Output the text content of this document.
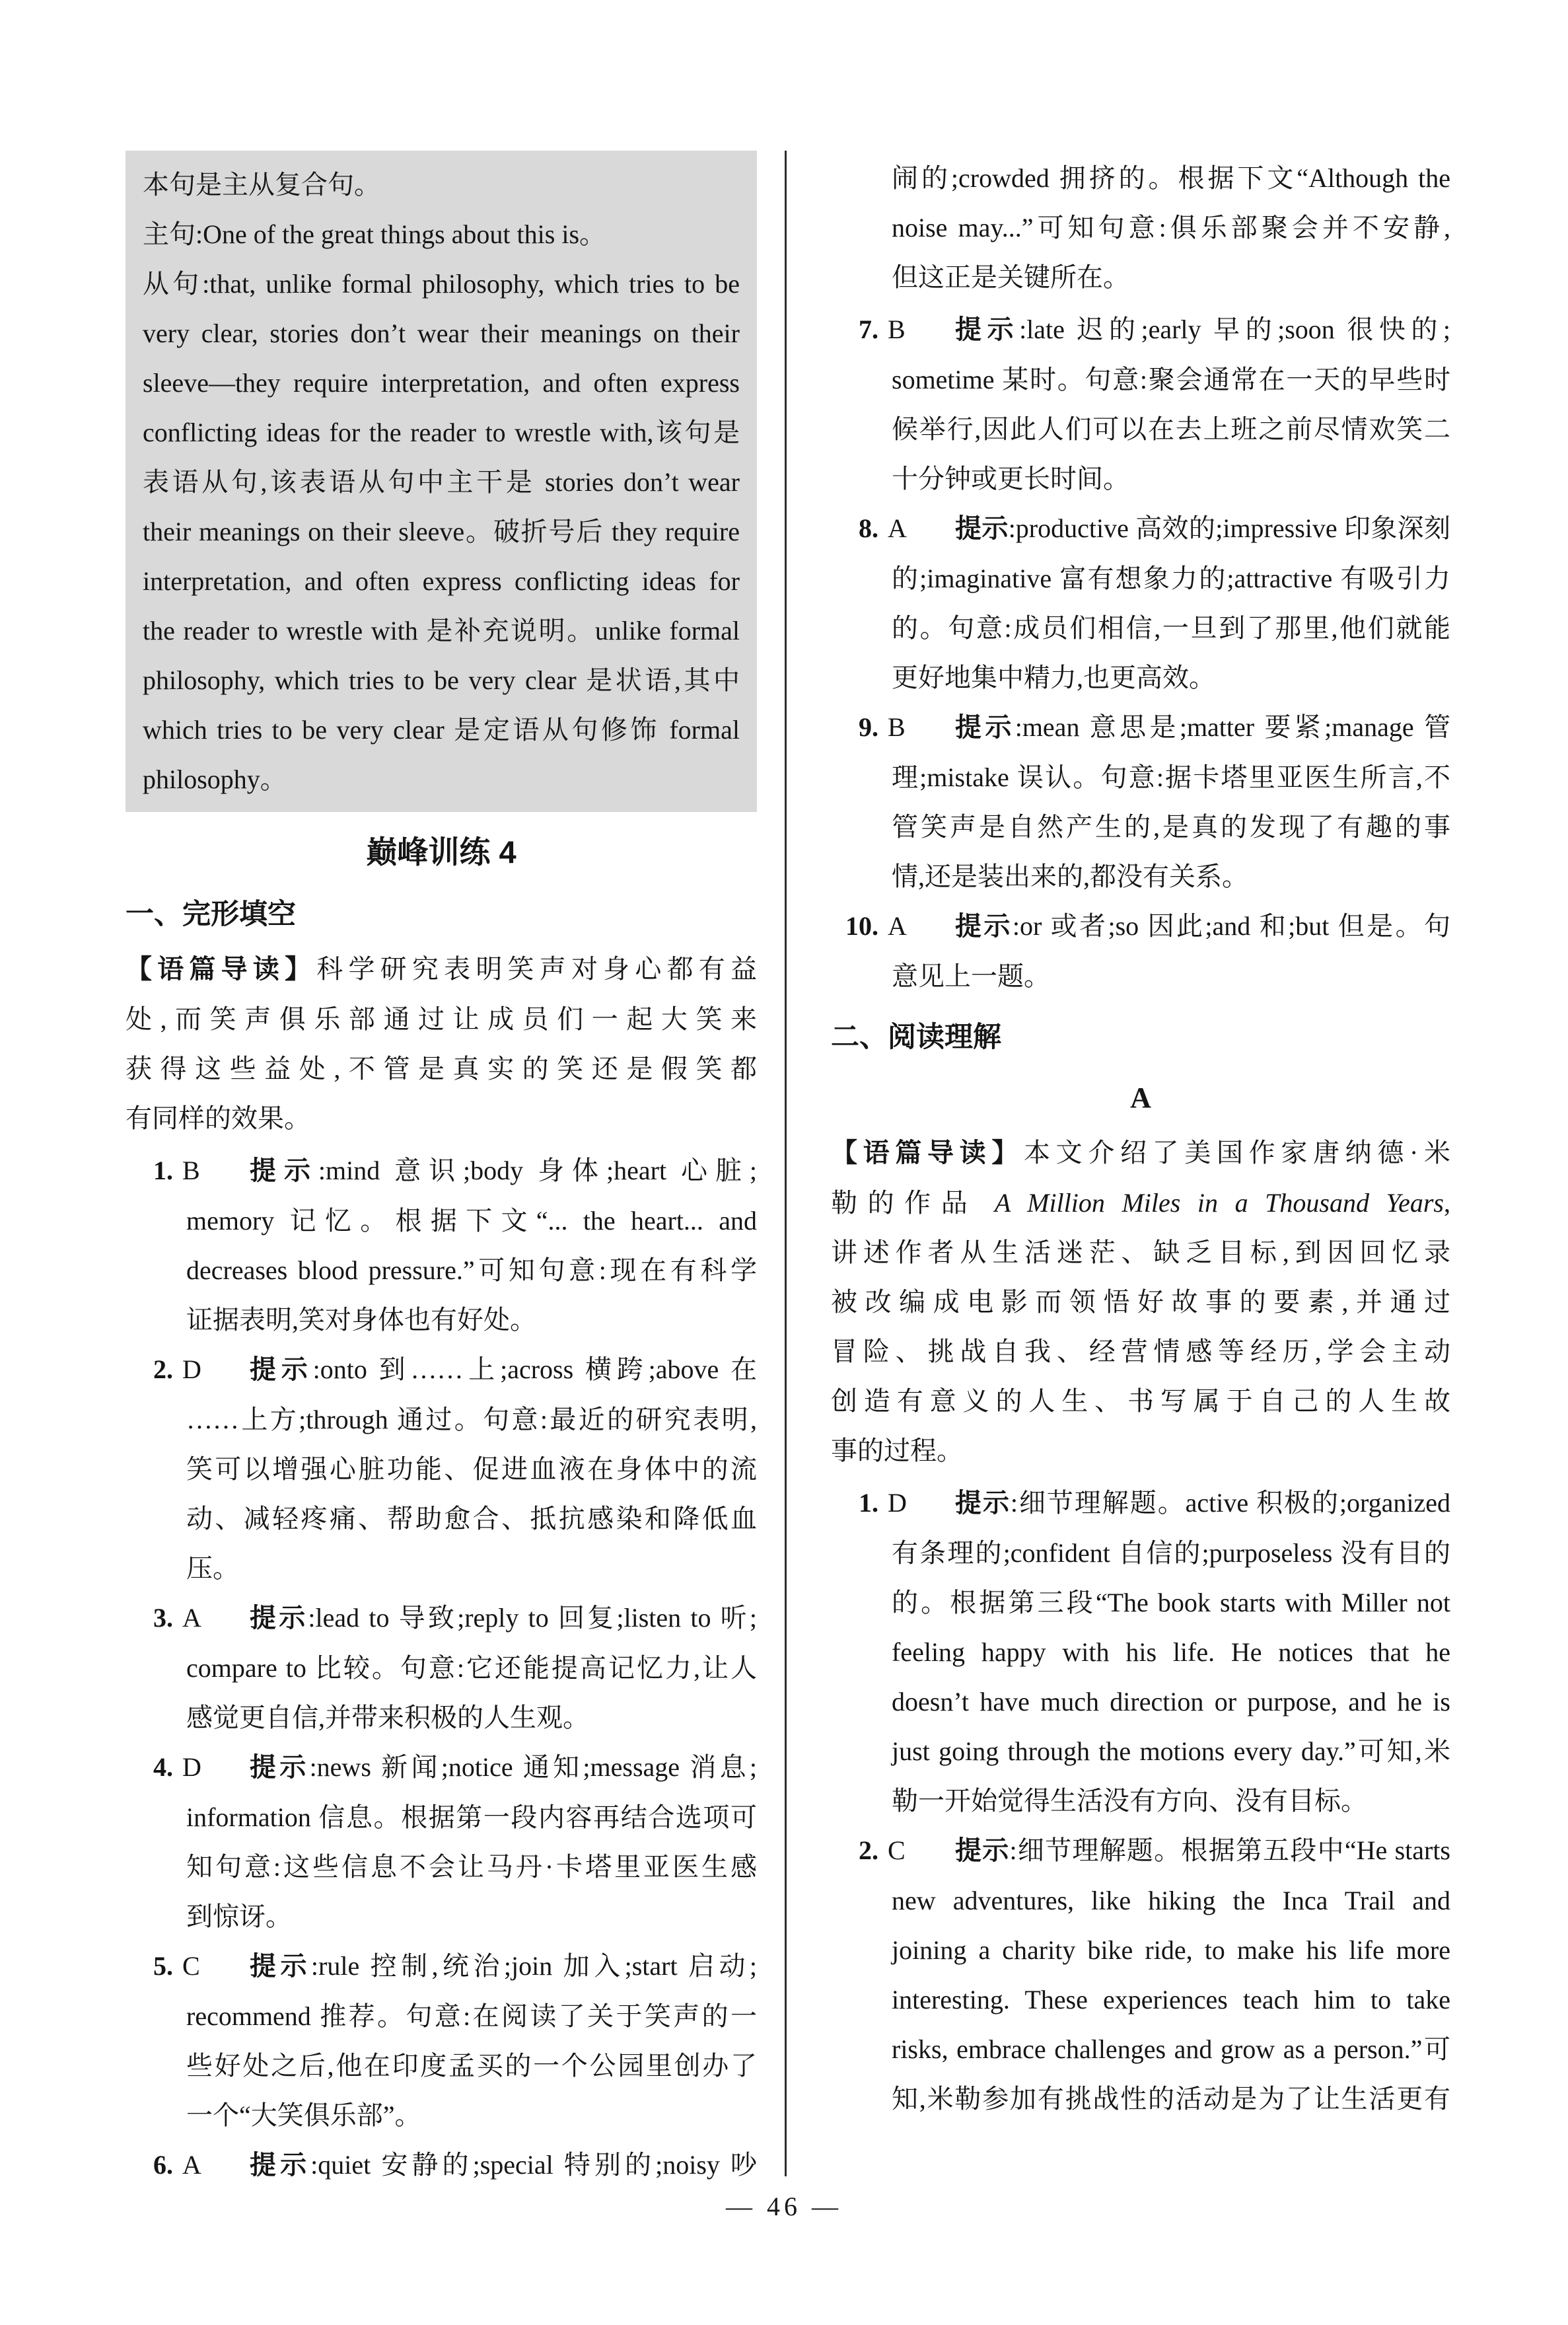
本句是主从复合句。
主句:One of the great things about this is。
从句:that, unlike formal philosophy, which tries to be
very clear, stories don’t wear their meanings on their
sleeve—they require interpretation, and often express
conflicting ideas for the reader to wrestle with,该句是
表语从句,该表语从句中主干是 stories don’t wear
their meanings on their sleeve。破折号后 they require
interpretation, and often express conflicting ideas for
the reader to wrestle with 是补充说明。unlike formal
philosophy, which tries to be very clear 是状语,其中
which tries to be very clear 是定语从句修饰 formal
philosophy。
巅峰训练 4
一、完形填空
【语篇导读】科学研究表明笑声对身心都有益
处,而笑声俱乐部通过让成员们一起大笑来
获得这些益处,不管是真实的笑还是假笑都
有同样的效果。
1. B	提示:mind 意识;body 身体;heart 心脏;
memory 记忆。根据下文“... the heart... and
decreases blood pressure.”可知句意:现在有科学
证据表明,笑对身体也有好处。
2. D	提示:onto 到……上;across 横跨;above 在
……上方;through 通过。句意:最近的研究表明,
笑可以增强心脏功能、促进血液在身体中的流
动、减轻疼痛、帮助愈合、抵抗感染和降低血压。
3. A	提示:lead to 导致;reply to 回复;listen to 听;
compare to 比较。句意:它还能提高记忆力,让人
感觉更自信,并带来积极的人生观。
4. D	提示:news 新闻;notice 通知;message 消息;
information 信息。根据第一段内容再结合选项可
知句意:这些信息不会让马丹·卡塔里亚医生感
到惊讶。
5. C	提示:rule 控制,统治;join 加入;start 启动;
recommend 推荐。句意:在阅读了关于笑声的一
些好处之后,他在印度孟买的一个公园里创办了
一个“大笑俱乐部”。
6. A	提示:quiet 安静的;special 特别的;noisy 吵
闹的;crowded 拥挤的。根据下文“Although the
noise may...”可知句意:俱乐部聚会并不安静,
但这正是关键所在。
7. B	提示:late 迟的;early 早的;soon 很快的;
sometime 某时。句意:聚会通常在一天的早些时
候举行,因此人们可以在去上班之前尽情欢笑二
十分钟或更长时间。
8. A	提示:productive 高效的;impressive 印象深刻
的;imaginative 富有想象力的;attractive 有吸引力
的。句意:成员们相信,一旦到了那里,他们就能
更好地集中精力,也更高效。
9. B	提示:mean 意思是;matter 要紧;manage 管
理;mistake 误认。句意:据卡塔里亚医生所言,不
管笑声是自然产生的,是真的发现了有趣的事
情,还是装出来的,都没有关系。
10. A	提示:or 或者;so 因此;and 和;but 但是。句
意见上一题。
二、阅读理解
A
【语篇导读】本文介绍了美国作家唐纳德·米
勒的作品 A Million Miles in a Thousand Years,
讲述作者从生活迷茫、缺乏目标,到因回忆录
被改编成电影而领悟好故事的要素,并通过
冒险、挑战自我、经营情感等经历,学会主动
创造有意义的人生、书写属于自己的人生故
事的过程。
1. D	提示:细节理解题。active 积极的;organized
有条理的;confident 自信的;purposeless 没有目的
的。根据第三段“The book starts with Miller not
feeling happy with his life. He notices that he
doesn’t have much direction or purpose, and he is
just going through the motions every day.”可知,米
勒一开始觉得生活没有方向、没有目标。
2. C	提示:细节理解题。根据第五段中“He starts
new adventures, like hiking the Inca Trail and
joining a charity bike ride, to make his life more
interesting. These experiences teach him to take
risks, embrace challenges and grow as a person.”可
知,米勒参加有挑战性的活动是为了让生活更有
— 46 —
